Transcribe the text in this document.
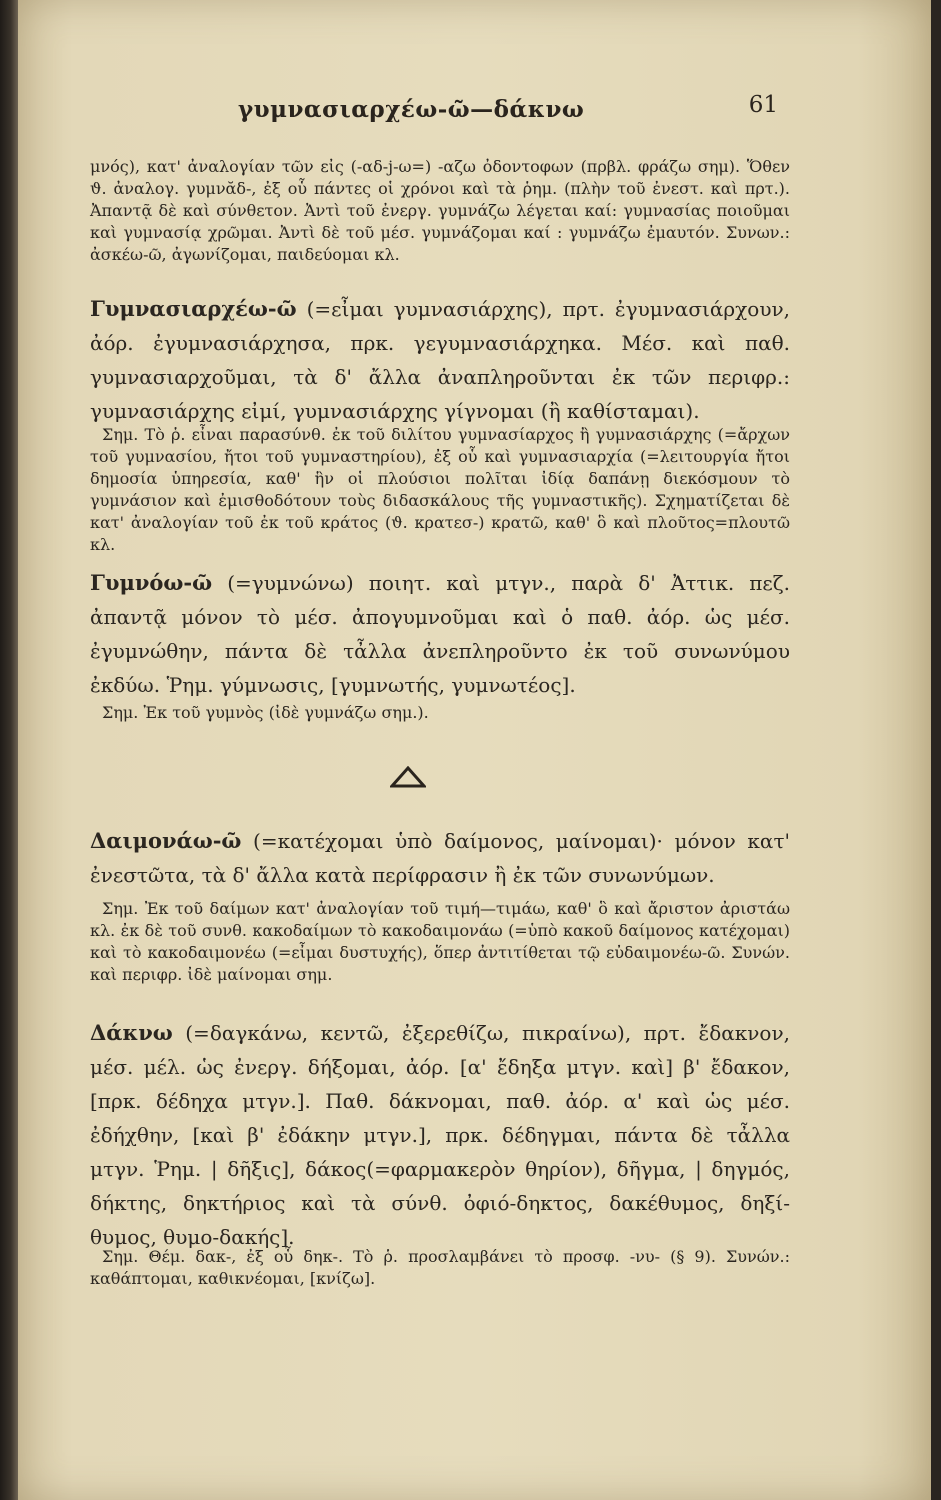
γυμνασιαρχέω-ῶ—δάκνω	61

μνός), κατ' ἀναλογίαν τῶν εἰς (-αδ-j-ω=) -αζω ὀδοντοφων (πρβλ. φράζω σημ). Ὅθεν ϑ. ἀναλογ. γυμνᾰδ-, ἐξ οὗ πάντες οἱ χρόνοι καὶ τὰ ῥημ. (πλὴν τοῦ ἐνεστ. καὶ πρτ.). Ἀπαντᾷ δὲ καὶ σύνθετον. Ἀντὶ τοῦ ἐνεργ. γυμνάζω λέγεται καί: γυμνασίας ποιοῦμαι καὶ γυμνασίᾳ χρῶμαι. Ἀντὶ δὲ τοῦ μέσ. γυμνάζομαι καί : γυμνάζω ἐμαυτόν. Συνων.: ἀσκέω-ῶ, ἀγωνίζομαι, παιδεύομαι κλ.

Γυμνασιαρχέω-ῶ (=εἶμαι γυμνασιάρχης), πρτ. ἐγυμνασιάρχουν, ἀόρ. ἐγυμνασιάρχησα, πρκ. γεγυμνασιάρχηκα. Μέσ. καὶ παθ. γυμνασιαρχοῦμαι, τὰ δ' ἄλλα ἀναπληροῦνται ἐκ τῶν περιφρ.: γυμνασιάρχης εἰμί, γυμνασιάρχης γίγνομαι (ἢ καθίσταμαι).

Σημ. Τὸ ῥ. εἶναι παρασύνθ. ἐκ τοῦ διλίτου γυμνασίαρχος ἢ γυμνασιάρχης (=ἄρχων τοῦ γυμνασίου, ἤτοι τοῦ γυμναστηρίου), ἐξ οὗ καὶ γυμνασιαρχία (=λειτουργία ἤτοι δημοσία ὑπηρεσία, καθ' ἣν οἱ πλούσιοι πολῖται ἰδίᾳ δαπάνῃ διεκόσμουν τὸ γυμνάσιον καὶ ἐμισθοδότουν τοὺς διδασκάλους τῆς γυμναστικῆς). Σχηματίζεται δὲ κατ' ἀναλογίαν τοῦ ἐκ τοῦ κράτος (ϑ. κρατεσ-) κρατῶ, καθ' ὃ καὶ πλοῦτος=πλουτῶ κλ.

Γυμνόω-ῶ (=γυμνώνω) ποιητ. καὶ μτγν., παρὰ δ' Ἀττικ. πεζ. ἀπαντᾷ μόνον τὸ μέσ. ἀπογυμνοῦμαι καὶ ὁ παθ. ἀόρ. ὡς μέσ. ἐγυμνώθην, πάντα δὲ τἆλλα ἀνεπληροῦντο ἐκ τοῦ συνωνύμου ἐκδύω. Ῥημ. γύμνωσις, [γυμνωτής, γυμνωτέος].

Σημ. Ἐκ τοῦ γυμνὸς (ἰδὲ γυμνάζω σημ.).

Δαιμονάω-ῶ (=κατέχομαι ὑπὸ δαίμονος, μαίνομαι)· μόνον κατ' ἐνεστῶτα, τὰ δ' ἄλλα κατὰ περίφρασιν ἢ ἐκ τῶν συνωνύμων.

Σημ. Ἐκ τοῦ δαίμων κατ' ἀναλογίαν τοῦ τιμή—τιμάω, καθ' ὃ καὶ ἄριστον ἀριστάω κλ. ἐκ δὲ τοῦ συνθ. κακοδαίμων τὸ κακοδαιμονάω (=ὑπὸ κακοῦ δαίμονος κατέχομαι) καὶ τὸ κακοδαιμονέω (=εἶμαι δυστυχής), ὅπερ ἀντιτίθεται τῷ εὐδαιμονέω-ῶ. Συνών. καὶ περιφρ. ἰδὲ μαίνομαι σημ.

Δάκνω (=δαγκάνω, κεντῶ, ἐξερεθίζω, πικραίνω), πρτ. ἔδακνον, μέσ. μέλ. ὡς ἐνεργ. δήξομαι, ἀόρ. [α' ἔδηξα μτγν. καὶ] β' ἔδακον, [πρκ. δέδηχα μτγν.]. Παθ. δάκνομαι, παθ. ἀόρ. α' καὶ ὡς μέσ. ἐδήχθην, [καὶ β' ἐδάκην μτγν.], πρκ. δέδηγμαι, πάντα δὲ τἆλλα μτγν. Ῥημ. | δῆξις], δάκος(=φαρμακερὸν θηρίον), δῆγμα, | δηγμός, δήκτης, δηκτήριος καὶ τὰ σύνθ. ὀφιό-δηκτος, δακέθυμος, δηξί-θυμος, θυμο-δακής].

Σημ. Θέμ. δακ-, ἐξ οὗ δηκ-. Τὸ ῥ. προσλαμβάνει τὸ προσφ. -νυ- (§ 9). Συνών.: καθάπτομαι, καθικνέομαι, [κνίζω].
